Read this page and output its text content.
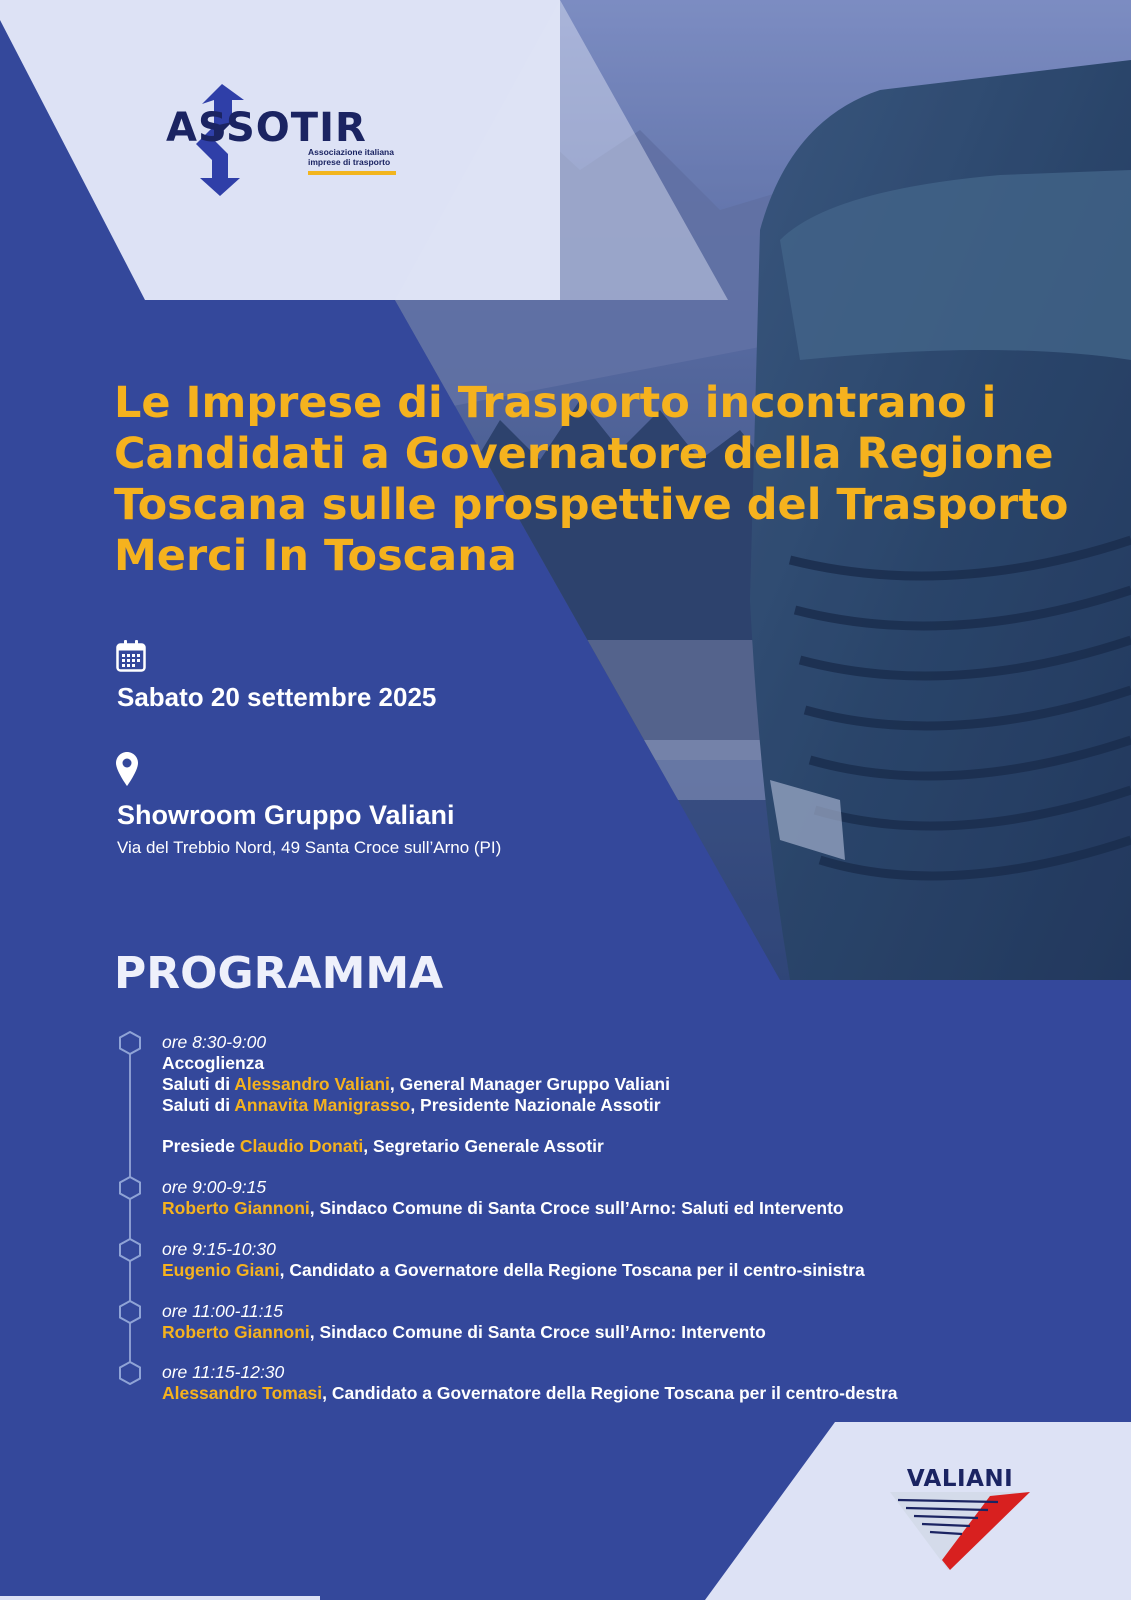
ASSOTIR
Associazione italiana
imprese di trasporto
Le Imprese di Trasporto incontrano i Candidati a Governatore della Regione Toscana sulle prospettive del Trasporto Merci In Toscana
Sabato 20 settembre 2025
Showroom Gruppo Valiani
Via del Trebbio Nord, 49 Santa Croce sull’Arno (PI)
PROGRAMMA
ore 8:30-9:00
Accoglienza
Saluti di Alessandro Valiani, General Manager Gruppo Valiani
Saluti di Annavita Manigrasso, Presidente Nazionale Assotir
Presiede Claudio Donati, Segretario Generale Assotir
ore 9:00-9:15
Roberto Giannoni, Sindaco Comune di Santa Croce sull’Arno: Saluti ed Intervento
ore 9:15-10:30
Eugenio Giani, Candidato a Governatore della Regione Toscana per il centro-sinistra
ore 11:00-11:15
Roberto Giannoni, Sindaco Comune di Santa Croce sull’Arno: Intervento
ore 11:15-12:30
Alessandro Tomasi, Candidato a Governatore della Regione Toscana per il centro-destra
VALIANI
